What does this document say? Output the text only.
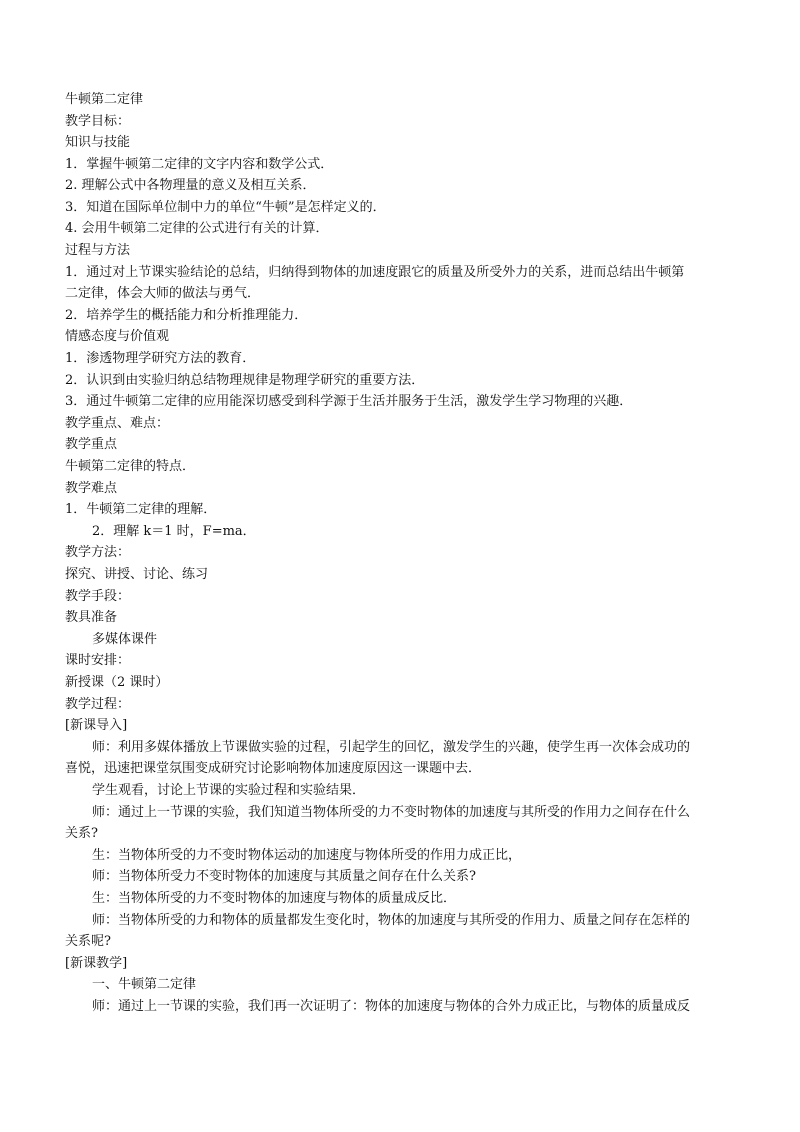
牛顿第二定律
教学目标：
知识与技能
1．掌握牛顿第二定律的文字内容和数学公式．
2. 理解公式中各物理量的意义及相互关系．
3．知道在国际单位制中力的单位“牛顿”是怎样定义的．
4. 会用牛顿第二定律的公式进行有关的计算．
过程与方法
1．通过对上节课实验结论的总结，归纳得到物体的加速度跟它的质量及所受外力的关系，进而总结出牛顿第
二定律，体会大师的做法与勇气．
2．培养学生的概括能力和分析推理能力．
情感态度与价值观
1．渗透物理学研究方法的教育．
2．认识到由实验归纳总结物理规律是物理学研究的重要方法．
3．通过牛顿第二定律的应用能深切感受到科学源于生活并服务于生活，激发学生学习物理的兴趣．
教学重点、难点：
教学重点
牛顿第二定律的特点．
教学难点
1．牛顿第二定律的理解．
2．理解 k＝1 时，F=ma．
教学方法：
探究、讲授、讨论、练习
教学手段：
教具准备
多媒体课件
课时安排：
新授课（2 课时）
教学过程：
[新课导入]
师：利用多媒体播放上节课做实验的过程，引起学生的回忆，激发学生的兴趣，使学生再一次体会成功的
喜悦，迅速把课堂氛围变成研究讨论影响物体加速度原因这一课题中去．
学生观看，讨论上节课的实验过程和实验结果．
师：通过上一节课的实验，我们知道当物体所受的力不变时物体的加速度与其所受的作用力之间存在什么
关系?
生：当物体所受的力不变时物体运动的加速度与物体所受的作用力成正比，
师：当物体所受力不变时物体的加速度与其质量之间存在什么关系?
生：当物体所受的力不变时物体的加速度与物体的质量成反比．
师：当物体所受的力和物体的质量都发生变化时，物体的加速度与其所受的作用力、质量之间存在怎样的
关系呢?
[新课教学]
一、牛顿第二定律
师：通过上一节课的实验，我们再一次证明了：物体的加速度与物体的合外力成正比，与物体的质量成反
